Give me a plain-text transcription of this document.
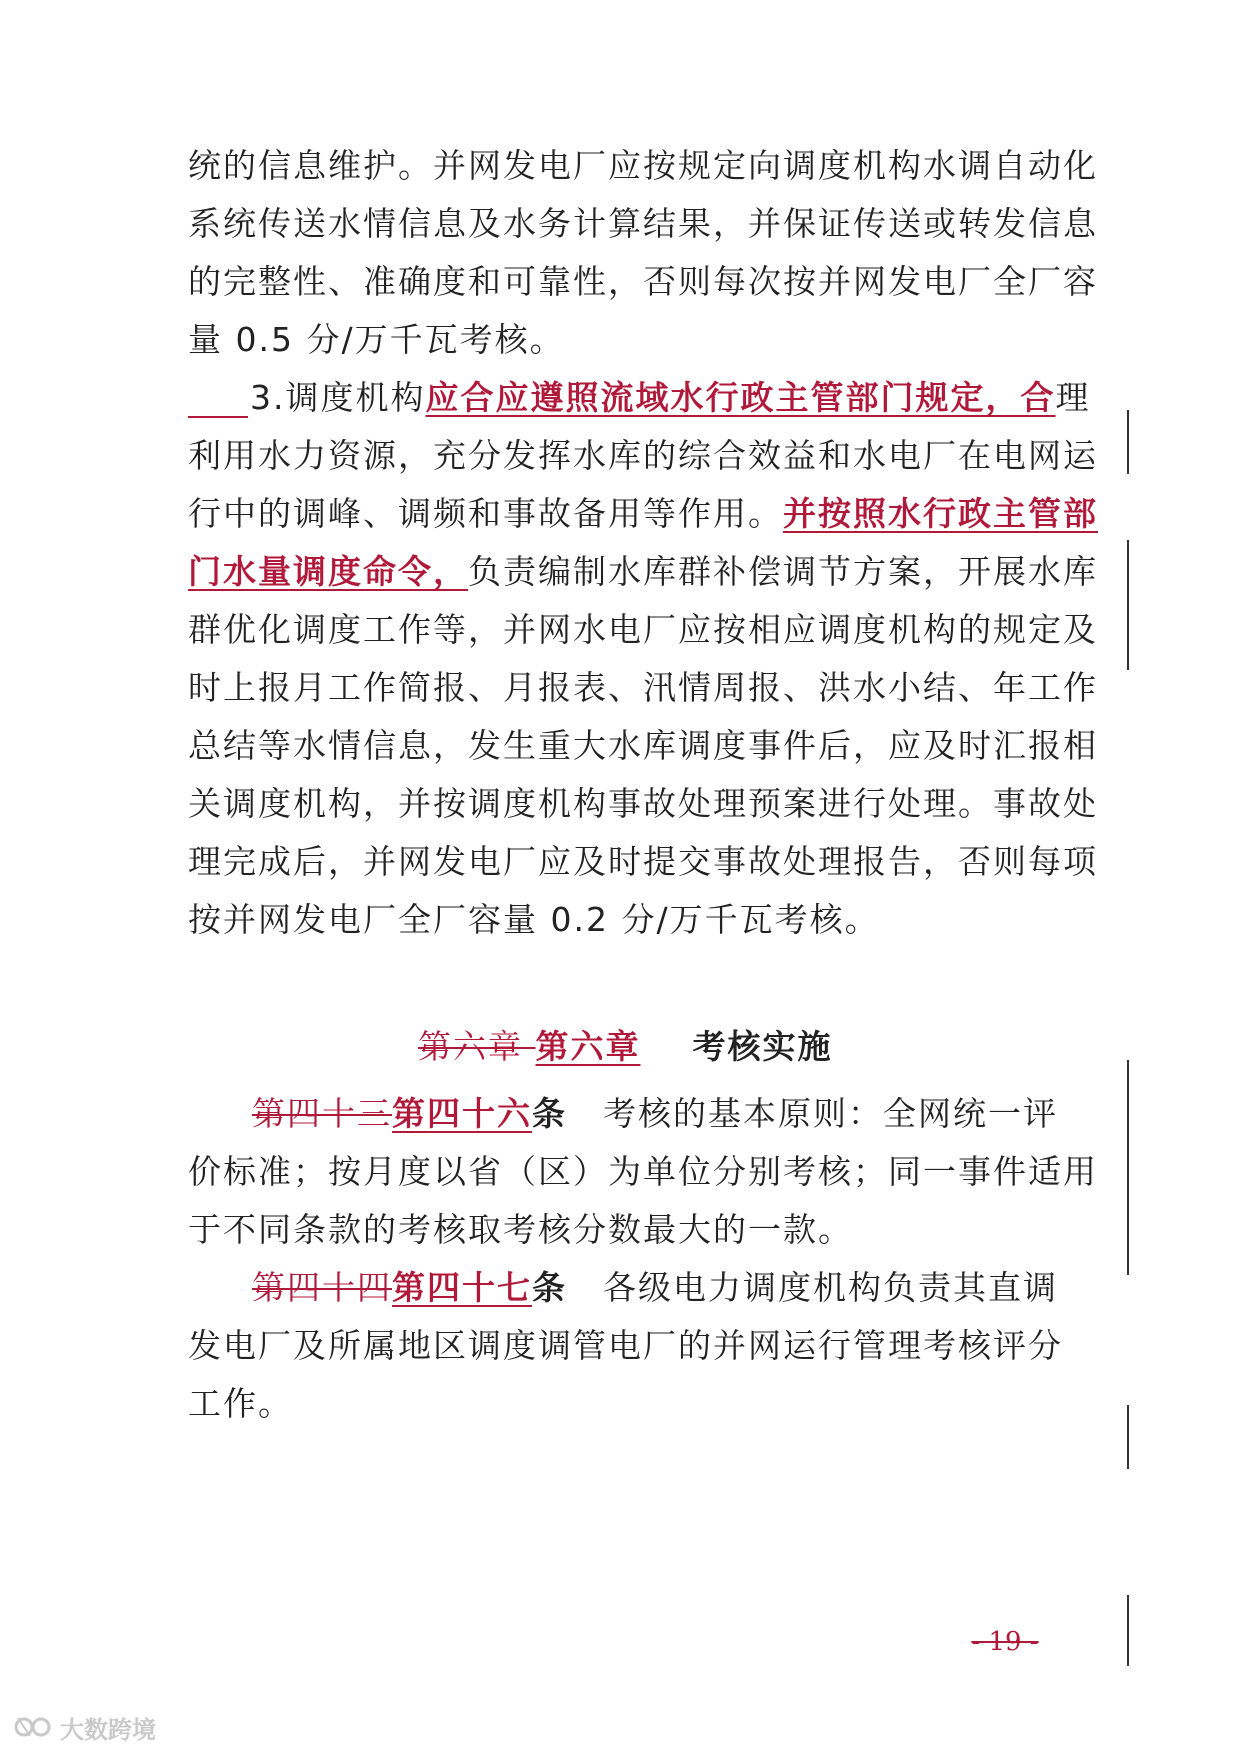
统的信息维护。并网发电厂应按规定向调度机构水调自动化
系统传送水情信息及水务计算结果，并保证传送或转发信息
的完整性、准确度和可靠性，否则每次按并网发电厂全厂容
量 0.5 分/万千瓦考核。
3.调度机构应合应遵照流域水行政主管部门规定，合理
利用水力资源，充分发挥水库的综合效益和水电厂在电网运
行中的调峰、调频和事故备用等作用。并按照水行政主管部
门水量调度命令，负责编制水库群补偿调节方案，开展水库
群优化调度工作等，并网水电厂应按相应调度机构的规定及
时上报月工作简报、月报表、汛情周报、洪水小结、年工作
总结等水情信息，发生重大水库调度事件后，应及时汇报相
关调度机构，并按调度机构事故处理预案进行处理。事故处
理完成后，并网发电厂应及时提交事故处理报告，否则每项
按并网发电厂全厂容量 0.2 分/万千瓦考核。
第六章 第六章 考核实施
第四十三第四十六条 考核的基本原则：全网统一评
价标准；按月度以省（区）为单位分别考核；同一事件适用
于不同条款的考核取考核分数最大的一款。
第四十四第四十七条 各级电力调度机构负责其直调
发电厂及所属地区调度调管电厂的并网运行管理考核评分
工作。
- 19 -
大数跨境
